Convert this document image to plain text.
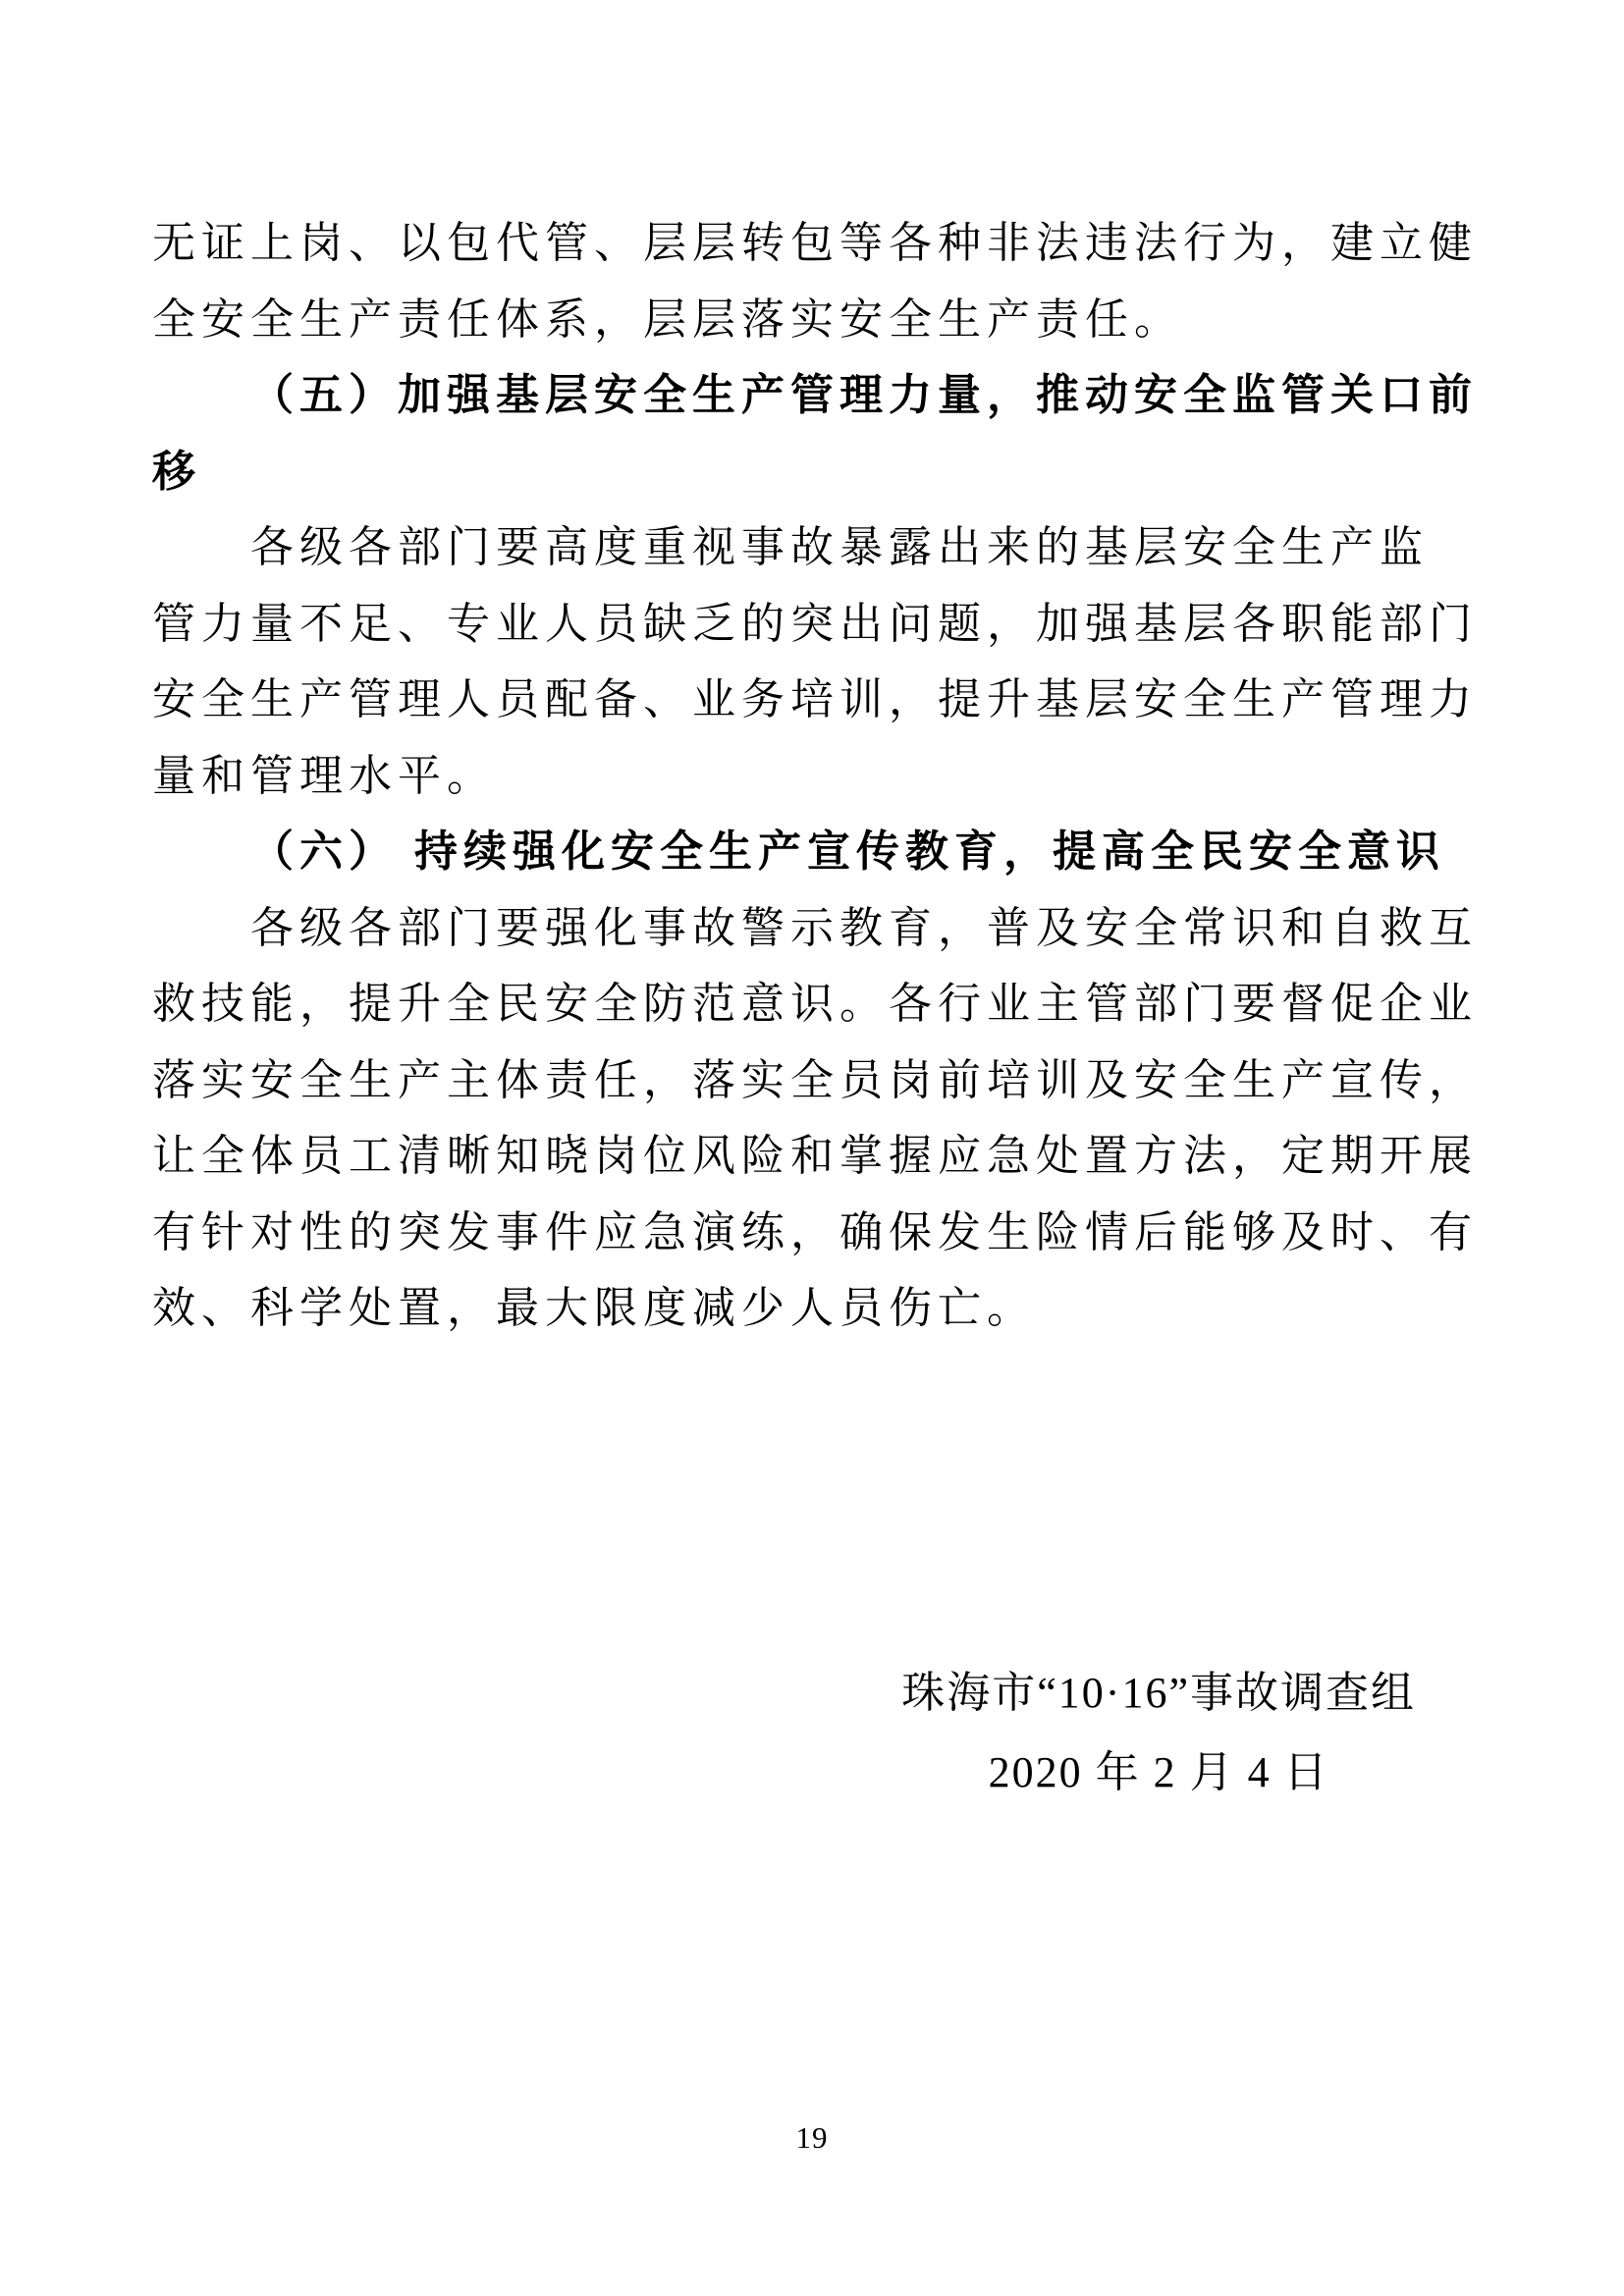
无证上岗、以包代管、层层转包等各种非法违法行为，建立健
全安全生产责任体系，层层落实安全生产责任。
（五）加强基层安全生产管理力量，推动安全监管关口前
移
各级各部门要高度重视事故暴露出来的基层安全生产监
管力量不足、专业人员缺乏的突出问题，加强基层各职能部门
安全生产管理人员配备、业务培训，提升基层安全生产管理力
量和管理水平。
（六） 持续强化安全生产宣传教育，提高全民安全意识
各级各部门要强化事故警示教育，普及安全常识和自救互
救技能，提升全民安全防范意识。各行业主管部门要督促企业
落实安全生产主体责任，落实全员岗前培训及安全生产宣传，
让全体员工清晰知晓岗位风险和掌握应急处置方法，定期开展
有针对性的突发事件应急演练，确保发生险情后能够及时、有
效、科学处置，最大限度减少人员伤亡。
珠海市“10·16”事故调查组
2020 年 2 月 4 日
19
